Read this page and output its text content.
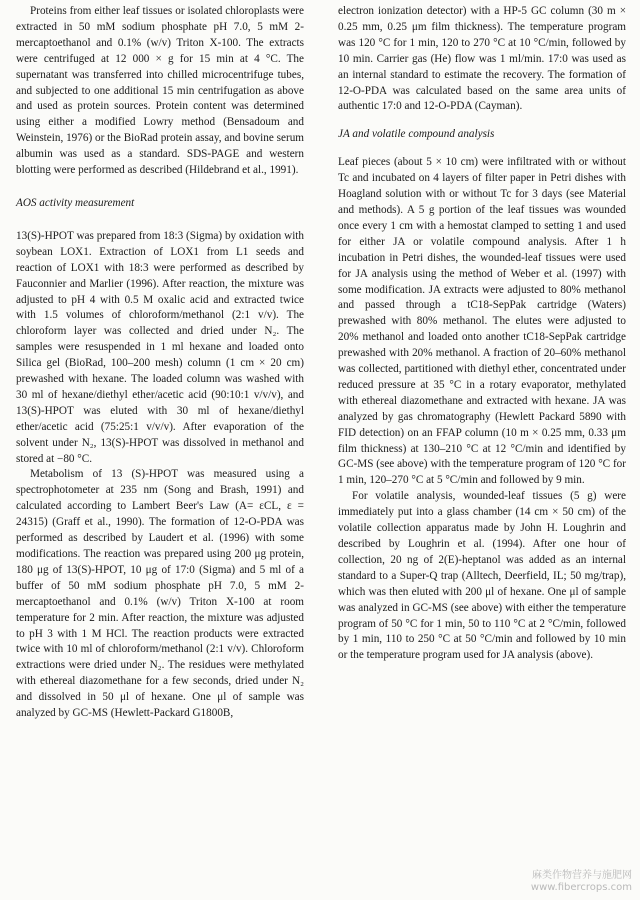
Proteins from either leaf tissues or isolated chloroplasts were extracted in 50 mM sodium phosphate pH 7.0, 5 mM 2-mercaptoethanol and 0.1% (w/v) Triton X-100. The extracts were centrifuged at 12 000 × g for 15 min at 4 °C. The supernatant was transferred into chilled microcentrifuge tubes, and subjected to one additional 15 min centrifugation as above and used as protein sources. Protein content was determined using either a modified Lowry method (Bensadoum and Weinstein, 1976) or the BioRad protein assay, and bovine serum albumin was used as a standard. SDS-PAGE and western blotting were performed as described (Hildebrand et al., 1991).

AOS activity measurement

13(S)-HPOT was prepared from 18:3 (Sigma) by oxidation with soybean LOX1. Extraction of LOX1 from L1 seeds and reaction of LOX1 with 18:3 were performed as described by Fauconnier and Marlier (1996). After reaction, the mixture was adjusted to pH 4 with 0.5 M oxalic acid and extracted twice with 1.5 volumes of chloroform/methanol (2:1 v/v). The chloroform layer was collected and dried under N₂. The samples were resuspended in 1 ml hexane and loaded onto Silica gel (BioRad, 100–200 mesh) column (1 cm × 20 cm) prewashed with hexane. The loaded column was washed with 30 ml of hexane/diethyl ether/acetic acid (90:10:1 v/v/v), and 13(S)-HPOT was eluted with 30 ml of hexane/diethyl ether/acetic acid (75:25:1 v/v/v). After evaporation of the solvent under N₂, 13(S)-HPOT was dissolved in methanol and stored at −80 °C.

Metabolism of 13 (S)-HPOT was measured using a spectrophotometer at 235 nm (Song and Brash, 1991) and calculated according to Lambert Beer's Law (A= εCL, ε = 24315) (Graff et al., 1990). The formation of 12-O-PDA was performed as described by Laudert et al. (1996) with some modifications. The reaction was prepared using 200 μg protein, 180 μg of 13(S)-HPOT, 10 μg of 17:0 (Sigma) and 5 ml of a buffer of 50 mM sodium phosphate pH 7.0, 5 mM 2-mercaptoethanol and 0.1% (w/v) Triton X-100 at room temperature for 2 min. After reaction, the mixture was adjusted to pH 3 with 1 M HCl. The reaction products were extracted twice with 10 ml of chloroform/methanol (2:1 v/v). Chloroform extractions were dried under N₂. The residues were methylated with ethereal diazomethane for a few seconds, dried under N₂ and dissolved in 50 μl of hexane. One μl of sample was analyzed by GC-MS (Hewlett-Packard G1800B,

electron ionization detector) with a HP-5 GC column (30 m × 0.25 mm, 0.25 μm film thickness). The temperature program was 120 °C for 1 min, 120 to 270 °C at 10 °C/min, followed by 10 min. Carrier gas (He) flow was 1 ml/min. 17:0 was used as an internal standard to estimate the recovery. The formation of 12-O-PDA was calculated based on the same area units of authentic 17:0 and 12-O-PDA (Cayman).

JA and volatile compound analysis

Leaf pieces (about 5 × 10 cm) were infiltrated with or without Tc and incubated on 4 layers of filter paper in Petri dishes with Hoagland solution with or without Tc for 3 days (see Material and methods). A 5 g portion of the leaf tissues was wounded once every 1 cm with a hemostat clamped to setting 1 and used for either JA or volatile compound analysis. After 1 h incubation in Petri dishes, the wounded-leaf tissues were used for JA analysis using the method of Weber et al. (1997) with some modification. JA extracts were adjusted to 80% methanol and passed through a tC18-SepPak cartridge (Waters) prewashed with 80% methanol. The elutes were adjusted to 20% methanol and loaded onto another tC18-SepPak cartridge prewashed with 20% methanol. A fraction of 20–60% methanol was collected, partitioned with diethyl ether, concentrated under reduced pressure at 35 °C in a rotary evaporator, methylated with ethereal diazomethane and extracted with hexane. JA was analyzed by gas chromatography (Hewlett Packard 5890 with FID detection) on an FFAP column (10 m × 0.25 mm, 0.33 μm film thickness) at 130–210 °C at 12 °C/min and identified by GC-MS (see above) with the temperature program of 120 °C for 1 min, 120–270 °C at 5 °C/min and followed by 9 min.

For volatile analysis, wounded-leaf tissues (5 g) were immediately put into a glass chamber (14 cm × 50 cm) of the volatile collection apparatus made by John H. Loughrin and described by Loughrin et al. (1994). After one hour of collection, 20 ng of 2(E)-heptanol was added as an internal standard to a Super-Q trap (Alltech, Deerfield, IL; 50 mg/trap), which was then eluted with 200 μl of hexane. One μl of sample was analyzed in GC-MS (see above) with either the temperature program of 50 °C for 1 min, 50 to 110 °C at 2 °C/min, followed by 1 min, 110 to 250 °C at 50 °C/min and followed by 10 min or the temperature program used for JA analysis (above).

麻类作物营养与施肥网
www.fibercrops.com
